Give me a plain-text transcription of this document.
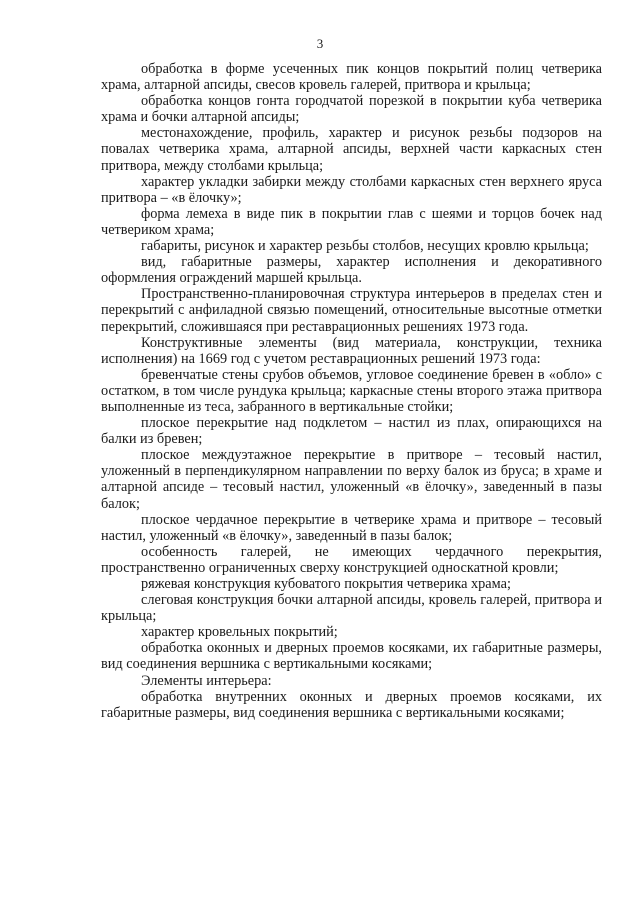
3

обработка в форме усеченных пик концов покрытий полиц четверика храма, алтарной апсиды, свесов кровель галерей, притвора и крыльца;

обработка концов гонта городчатой порезкой в покрытии куба четверика храма и бочки алтарной апсиды;

местонахождение, профиль, характер и рисунок резьбы подзоров на повалах четверика храма, алтарной апсиды, верхней части каркасных стен притвора, между столбами крыльца;

характер укладки забирки между столбами каркасных стен верхнего яруса притвора – «в ёлочку»;

форма лемеха в виде пик в покрытии глав с шеями и торцов бочек над четвериком храма;

габариты, рисунок и характер резьбы столбов, несущих кровлю крыльца;

вид, габаритные размеры, характер исполнения и декоративного оформления ограждений маршей крыльца.

Пространственно-планировочная структура интерьеров в пределах стен и перекрытий с анфиладной связью помещений, относительные высотные отметки перекрытий, сложившаяся при реставрационных решениях 1973 года.

Конструктивные элементы (вид материала, конструкции, техника исполнения) на 1669 год с учетом реставрационных решений 1973 года:

бревенчатые стены срубов объемов, угловое соединение бревен в «обло» с остатком, в том числе рундука крыльца; каркасные стены второго этажа притвора выполненные из теса, забранного в вертикальные стойки;

плоское перекрытие над подклетом – настил из плах, опирающихся на балки из бревен;

плоское междуэтажное перекрытие в притворе – тесовый настил, уложенный в перпендикулярном направлении по верху балок из бруса; в храме и алтарной апсиде – тесовый настил, уложенный «в ёлочку», заведенный в пазы балок;

плоское чердачное перекрытие в четверике храма и притворе – тесовый настил, уложенный «в ёлочку», заведенный в пазы балок;

особенность галерей, не имеющих чердачного перекрытия, пространственно ограниченных сверху конструкцией односкатной кровли;

ряжевая конструкция кубоватого покрытия четверика храма;

слеговая конструкция бочки алтарной апсиды, кровель галерей, притвора и крыльца;

характер кровельных покрытий;

обработка оконных и дверных проемов косяками, их габаритные размеры, вид соединения вершника с вертикальными косяками;

Элементы интерьера:

обработка внутренних оконных и дверных проемов косяками, их габаритные размеры, вид соединения вершника с вертикальными косяками;
